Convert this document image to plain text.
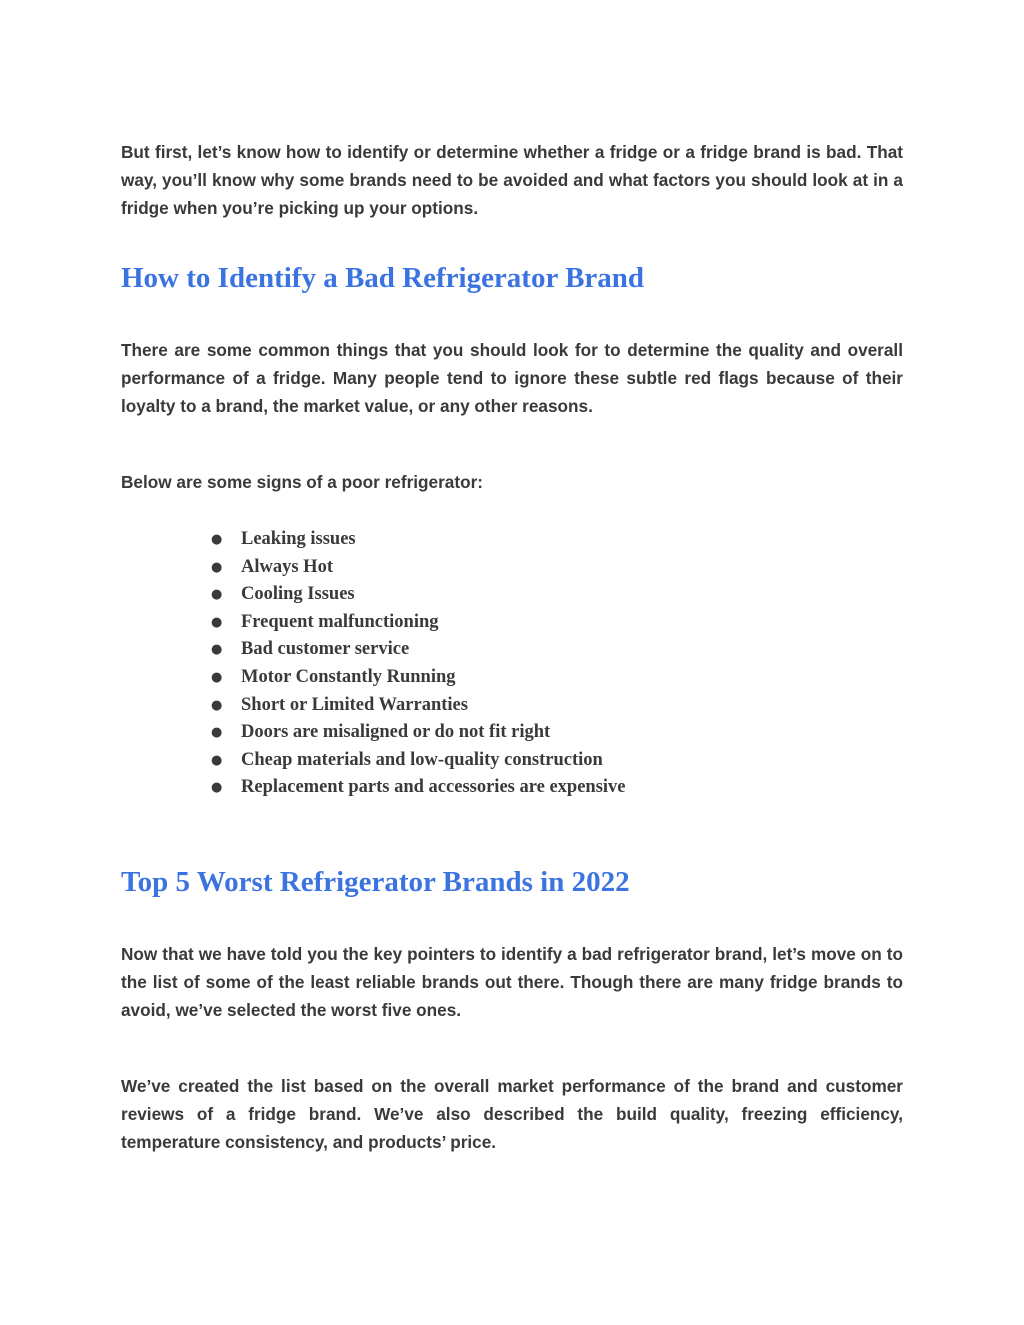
But first, let’s know how to identify or determine whether a fridge or a fridge brand is bad. That way, you’ll know why some brands need to be avoided and what factors you should look at in a fridge when you’re picking up your options.

How to Identify a Bad Refrigerator Brand

There are some common things that you should look for to determine the quality and overall performance of a fridge. Many people tend to ignore these subtle red flags because of their loyalty to a brand, the market value, or any other reasons.

Below are some signs of a poor refrigerator:

● Leaking issues
● Always Hot
● Cooling Issues
● Frequent malfunctioning
● Bad customer service
● Motor Constantly Running
● Short or Limited Warranties
● Doors are misaligned or do not fit right
● Cheap materials and low-quality construction
● Replacement parts and accessories are expensive
Top 5 Worst Refrigerator Brands in 2022

Now that we have told you the key pointers to identify a bad refrigerator brand, let’s move on to the list of some of the least reliable brands out there. Though there are many fridge brands to avoid, we’ve selected the worst five ones.

We’ve created the list based on the overall market performance of the brand and customer reviews of a fridge brand. We’ve also described the build quality, freezing efficiency, temperature consistency, and products’ price.
